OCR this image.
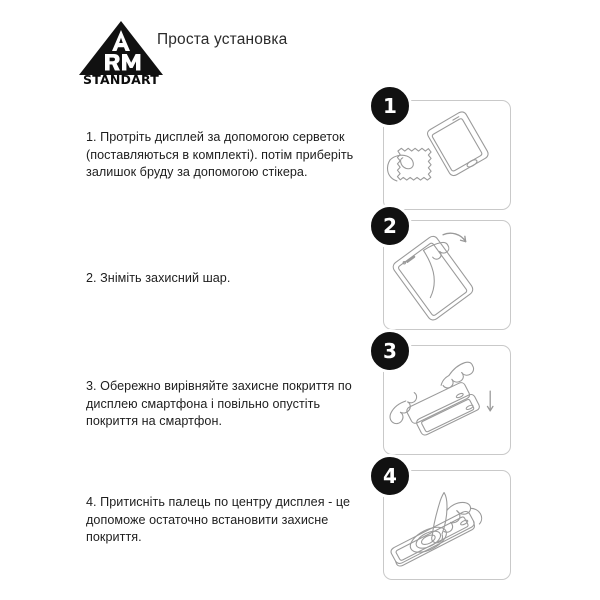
STANDART
Проста установка
1. Протріть дисплей за допомогою серветок (поставляються в комплекті). потім приберіть залишок бруду за допомогою стікера.
1
2. Зніміть захисний шар.
2
3. Обережно вирівняйте захисне покриття по дисплею смартфона і повільно опустіть покриття на смартфон.
3
4. Притисніть палець по центру дисплея - це допоможе остаточно встановити захисне покриття.
4
